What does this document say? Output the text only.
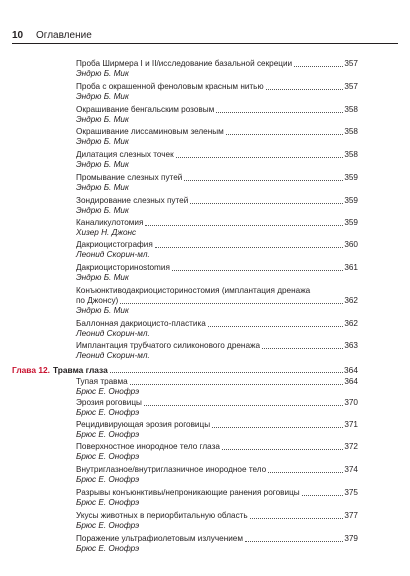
10 Оглавление
Проба Ширмера I и II/исследование базальной секреции	357
Эндрю Б. Мик
Проба с окрашенной феноловым красным нитью	357
Эндрю Б. Мик
Окрашивание бенгальским розовым	358
Эндрю Б. Мик
Окрашивание лиссаминовым зеленым	358
Эндрю Б. Мик
Дилатация слезных точек	358
Эндрю Б. Мик
Промывание слезных путей	359
Эндрю Б. Мик
Зондирование слезных путей	359
Эндрю Б. Мик
Каналикулотомия	359
Хизер Н. Джонс
Дакриоцистография	360
Леонид Скорин-мл.
Дакриоцисторинostomия	361
Эндрю Б. Мик
Конъюнктиводакриоцисториностомия (имплантация дренажа
по Джонсу)	362
Эндрю Б. Мик
Баллонная дакриоцисто-пластика	362
Леонид Скорин-мл.
Имплантация трубчатого силиконового дренажа	363
Леонид Скорин-мл.
Глава 12. Травма глаза	364
Тупая травма	364
Брюс Е. Онофрэ
Эрозия роговицы	370
Брюс Е. Онофрэ
Рецидивирующая эрозия роговицы	371
Брюс Е. Онофрэ
Поверхностное инородное тело глаза	372
Брюс Е. Онофрэ
Внутриглазное/внутриглазничное инородное тело	374
Брюс Е. Онофрэ
Разрывы конъюнктивы/непроникающие ранения роговицы	375
Брюс Е. Онофрэ
Укусы животных в периорбитальную область	377
Брюс Е. Онофрэ
Поражение ультрафиолетовым излучением	379
Брюс Е. Онофрэ
